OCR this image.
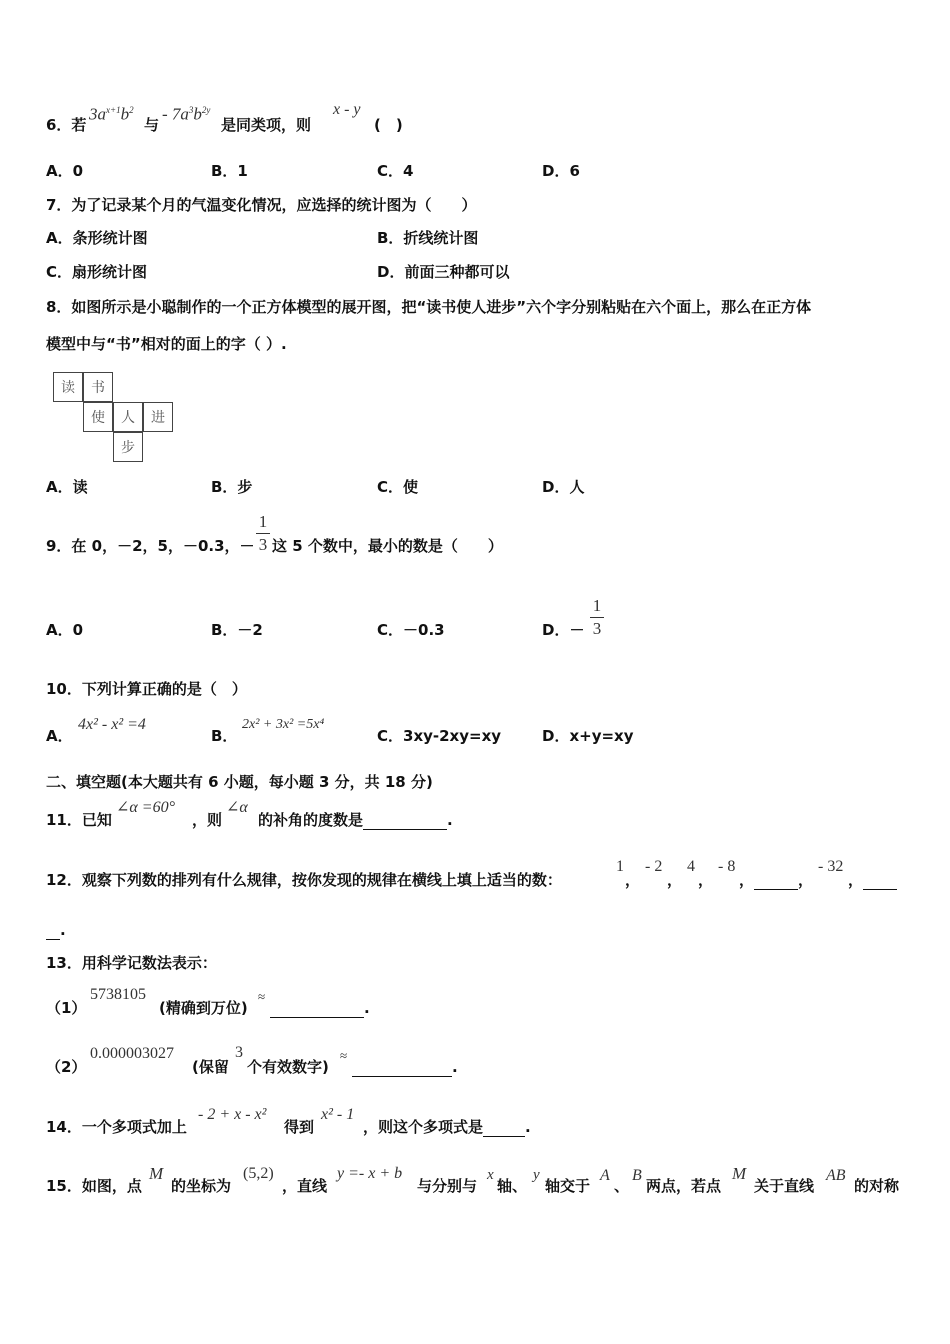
6．若
$3a^{x+1}b^2$
与
- $7a^3b^{2y}$
是同类项，则
x - y
(　)
A．0	B．1	C．4	D．6
7．为了记录某个月的气温变化情况，应选择的统计图为（　　）
A．条形统计图	B．折线统计图
C．扇形统计图	D．前面三种都可以
8．如图所示是小聪制作的一个正方体模型的展开图，把“读书使人进步”六个字分别粘贴在六个面上，那么在正方体
模型中与“书”相对的面上的字（ ）.
读	书
使	人	进
步
A．读	B．步	C．使	D．人
9．在 0，－2，5，－0.3，－
1
3 这 5 个数中，最小的数是（　　）
A．0	B．－2	C．－0.3	D．－
1
3
10．下列计算正确的是（　）
A．
4x² - x² =4
B．
2x² + 3x² =5x⁴
C．3xy-2xy=xy	D．x+y=xy
二、填空题(本大题共有 6 小题，每小题 3 分，共 18 分)
11．已知
∠α =60°
，则
∠α
的补角的度数是	.
12．观察下列数的排列有什么规律，按你发现的规律在横线上填上适当的数：
1
，
- 2
，
4
，
- 8
，	，
- 32
，
.
13．用科学记数法表示：
（1）
5738105
(精确到万位)
≈
.
（2）
0.000003027
(保留
3
个有效数字)
≈
.
14．一个多项式加上
- 2 + x - x²
得到
x² - 1
，则这个多项式是	.
15．如图，点
M
的坐标为
(5,2)
，直线
y =- x + b
与分别与
x
轴、
y
轴交于
A
、
B
两点，若点
M
关于直线
AB
的对称
